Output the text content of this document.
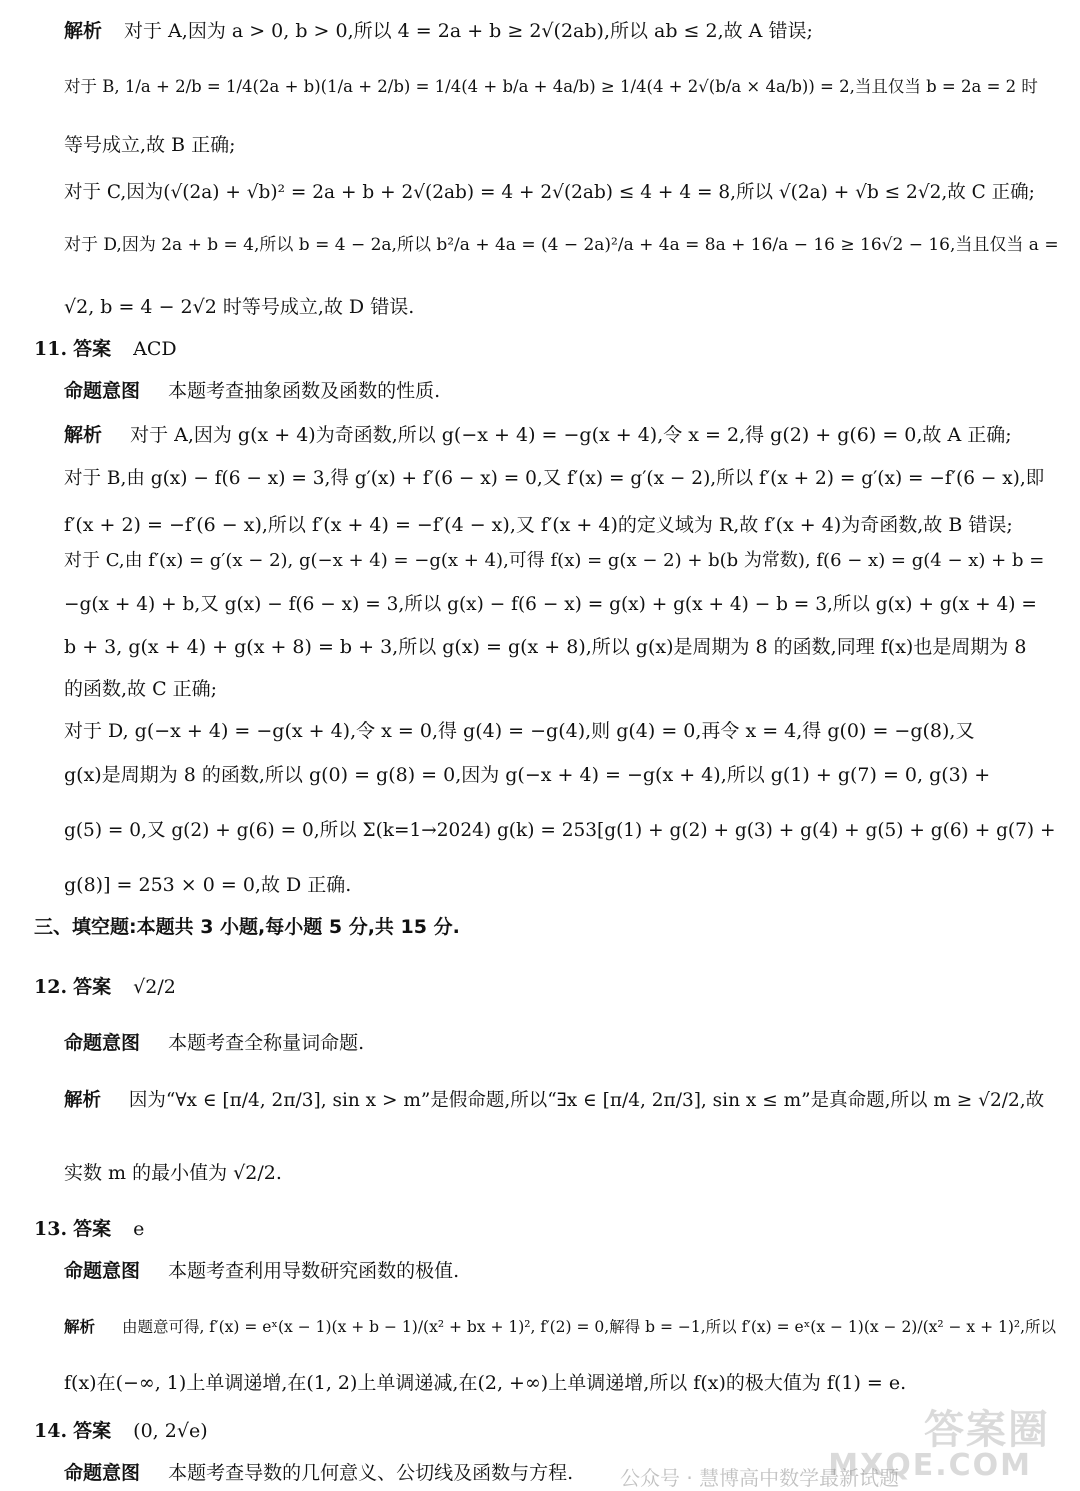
解析 对于 A,因为 a > 0, b > 0,所以 4 = 2a + b ≥ 2√(2ab),所以 ab ≤ 2,故 A 错误;
对于 B, 1/a + 2/b = 1/4(2a + b)(1/a + 2/b) = 1/4(4 + b/a + 4a/b) ≥ 1/4(4 + 2√(b/a × 4a/b)) = 2,当且仅当 b = 2a = 2 时
等号成立,故 B 正确;
对于 C,因为(√(2a) + √b)² = 2a + b + 2√(2ab) = 4 + 2√(2ab) ≤ 4 + 4 = 8,所以 √(2a) + √b ≤ 2√2,故 C 正确;
对于 D,因为 2a + b = 4,所以 b = 4 − 2a,所以 b²/a + 4a = (4 − 2a)²/a + 4a = 8a + 16/a − 16 ≥ 16√2 − 16,当且仅当 a =
√2, b = 4 − 2√2 时等号成立,故 D 错误.
f′(x + 2) = −f′(6 − x),所以 f′(x + 4) = −f′(4 − x),又 f′(x + 4)的定义域为 R,故 f′(x + 4)为奇函数,故 B 错误;
对于 C,由 f′(x) = g′(x − 2), g(−x + 4) = −g(x + 4),可得 f(x) = g(x − 2) + b(b 为常数), f(6 − x) = g(4 − x) + b =
−g(x + 4) + b,又 g(x) − f(6 − x) = 3,所以 g(x) − f(6 − x) = g(x) + g(x + 4) − b = 3,所以 g(x) + g(x + 4) =
b + 3, g(x + 4) + g(x + 8) = b + 3,所以 g(x) = g(x + 8),所以 g(x)是周期为 8 的函数,同理 f(x)也是周期为 8
的函数,故 C 正确;
对于 D, g(−x + 4) = −g(x + 4),令 x = 0,得 g(4) = −g(4),则 g(4) = 0,再令 x = 4,得 g(0) = −g(8),又
g(x)是周期为 8 的函数,所以 g(0) = g(8) = 0,因为 g(−x + 4) = −g(x + 4),所以 g(1) + g(7) = 0, g(3) +
g(5) = 0,又 g(2) + g(6) = 0,所以 Σ(k=1→2024) g(k) = 253[g(1) + g(2) + g(3) + g(4) + g(5) + g(6) + g(7) +
g(8)] = 253 × 0 = 0,故 D 正确.
实数 m 的最小值为 √2/2.
f(x)在(−∞, 1)上单调递增,在(1, 2)上单调递减,在(2, +∞)上单调递增,所以 f(x)的极大值为 f(1) = e.
11. 答案 ACD
命题意图 本题考查抽象函数及函数的性质.
解析 对于 A,因为 g(x + 4)为奇函数,所以 g(−x + 4) = −g(x + 4),令 x = 2,得 g(2) + g(6) = 0,故 A 正确;
对于 B,由 g(x) − f(6 − x) = 3,得 g′(x) + f′(6 − x) = 0,又 f′(x) = g′(x − 2),所以 f′(x + 2) = g′(x) = −f′(6 − x),即
三、填空题:本题共 3 小题,每小题 5 分,共 15 分.
12. 答案 √2/2
命题意图 本题考查全称量词命题.
解析 因为“∀x ∈ [π/4, 2π/3], sin x > m”是假命题,所以“∃x ∈ [π/4, 2π/3], sin x ≤ m”是真命题,所以 m ≥ √2/2,故
13. 答案 e
命题意图 本题考查利用导数研究函数的极值.
解析 由题意可得, f′(x) = eˣ(x − 1)(x + b − 1)/(x² + bx + 1)², f′(2) = 0,解得 b = −1,所以 f′(x) = eˣ(x − 1)(x − 2)/(x² − x + 1)²,所以
14. 答案 (0, 2√e)
命题意图 本题考查导数的几何意义、公切线及函数与方程.
答案圈
MXQE.COM
公众号 · 慧博高中数学最新试题
